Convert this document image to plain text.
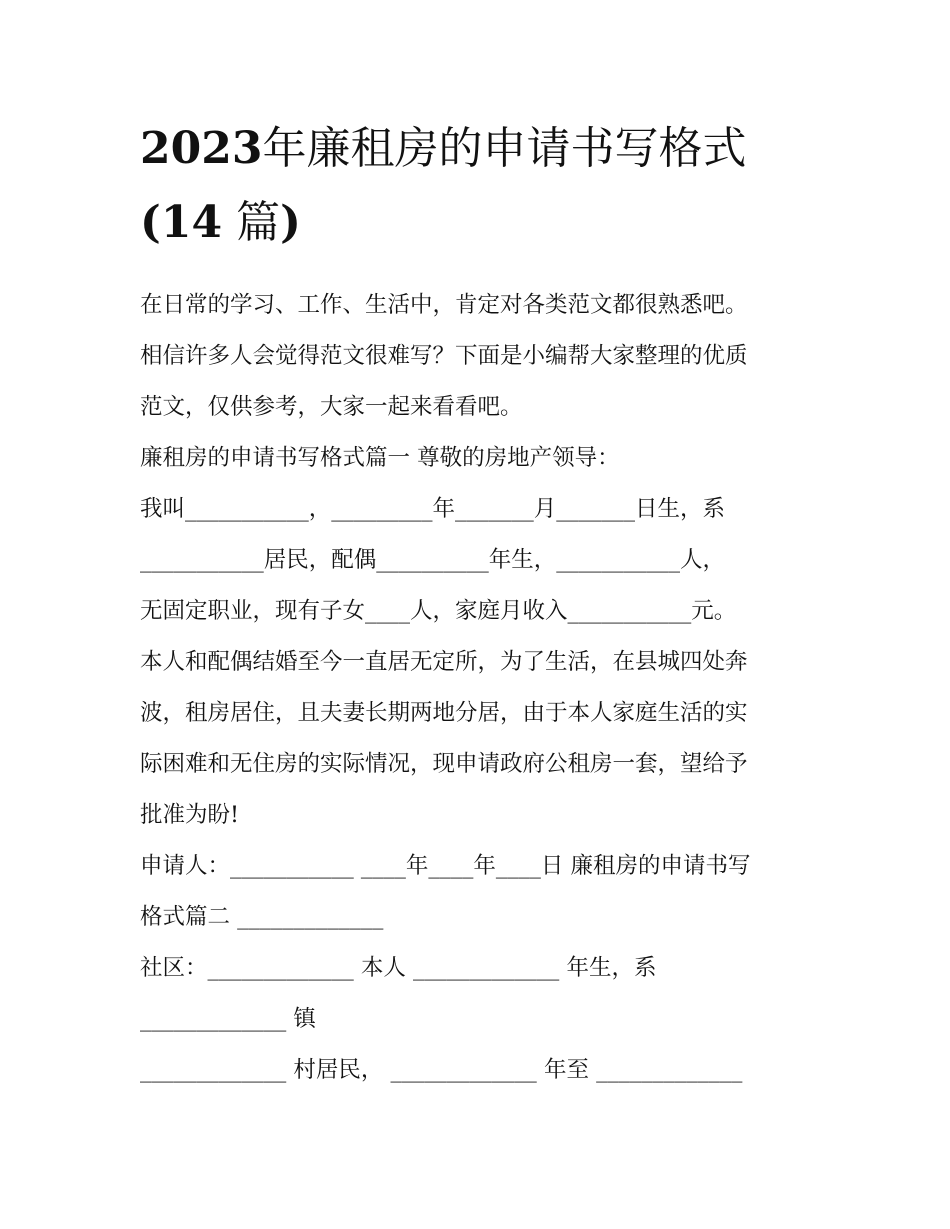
2023年廉租房的申请书写格式
(14 篇)
在日常的学习、工作、生活中，肯定对各类范文都很熟悉吧。
相信许多人会觉得范文很难写？下面是小编帮大家整理的优质
范文，仅供参考，大家一起来看看吧。
廉租房的申请书写格式篇一 尊敬的房地产领导：
我叫___________，_________年_______月_______日生，系
___________居民，配偶__________年生，___________人，
无固定职业，现有子女____人，家庭月收入___________元。
本人和配偶结婚至今一直居无定所，为了生活，在县城四处奔
波，租房居住，且夫妻长期两地分居，由于本人家庭生活的实
际困难和无住房的实际情况，现申请政府公租房一套，望给予
批准为盼!
申请人：___________ ____年____年____日 廉租房的申请书写
格式篇二 _____________
社区：_____________ 本人 _____________ 年生，系
_____________ 镇
_____________ 村居民， _____________ 年至 _____________
